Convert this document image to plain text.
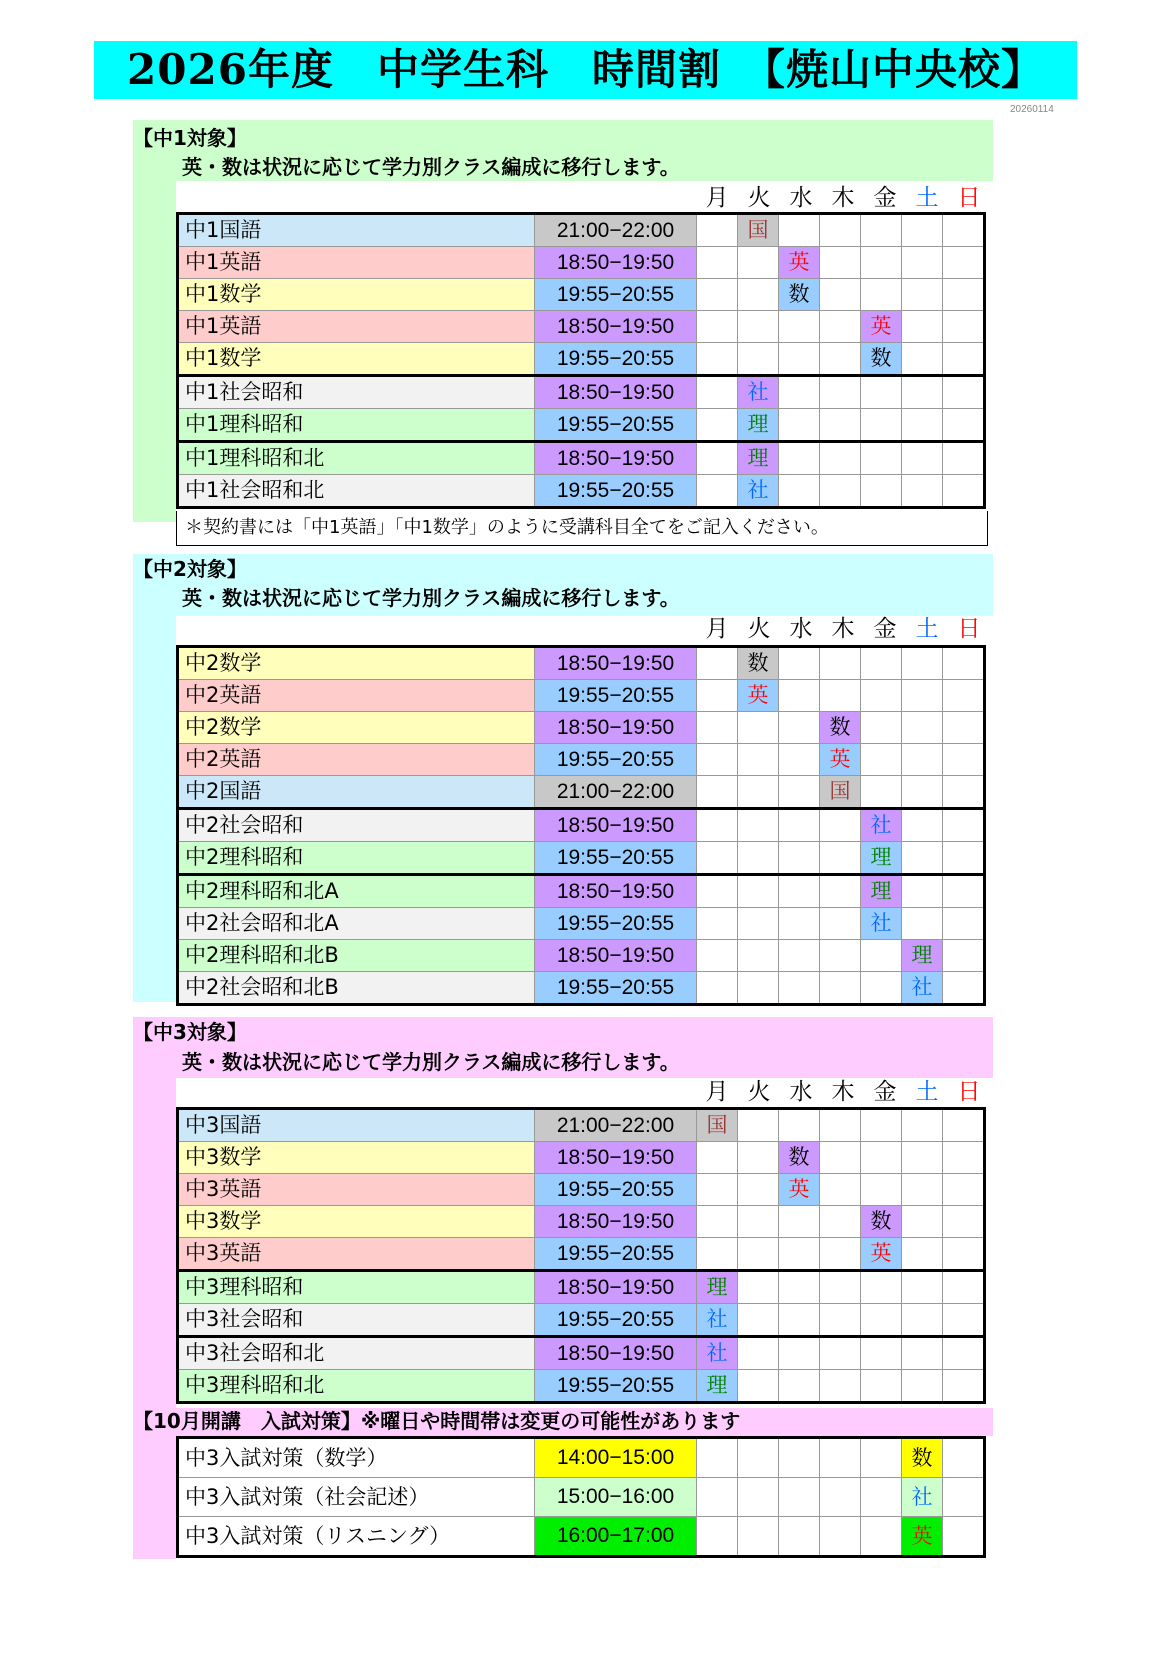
2026年度　中学生科　時間割　【焼山中央校】
20260114
【中1対象】
英・数は状況に応じて学力別クラス編成に移行します。
月 火 水 木 金 土 日
中1国語	21:00−22:00		国					
中1英語	18:50−19:50			英				
中1数学	19:55−20:55			数				
中1英語	18:50−19:50					英		
中1数学	19:55−20:55					数		
中1社会昭和	18:50−19:50		社					
中1理科昭和	19:55−20:55		理					
中1理科昭和北	18:50−19:50		理					
中1社会昭和北	19:55−20:55		社					
＊契約書には「中1英語」「中1数学」のように受講科目全てをご記入ください。
【中2対象】
英・数は状況に応じて学力別クラス編成に移行します。
月 火 水 木 金 土 日
中2数学	18:50−19:50		数					
中2英語	19:55−20:55		英					
中2数学	18:50−19:50				数			
中2英語	19:55−20:55				英			
中2国語	21:00−22:00				国			
中2社会昭和	18:50−19:50					社		
中2理科昭和	19:55−20:55					理		
中2理科昭和北A	18:50−19:50					理		
中2社会昭和北A	19:55−20:55					社		
中2理科昭和北B	18:50−19:50						理	
中2社会昭和北B	19:55−20:55						社	
【中3対象】
英・数は状況に応じて学力別クラス編成に移行します。
月 火 水 木 金 土 日
中3国語	21:00−22:00	国						
中3数学	18:50−19:50			数				
中3英語	19:55−20:55			英				
中3数学	18:50−19:50					数		
中3英語	19:55−20:55					英		
中3理科昭和	18:50−19:50	理						
中3社会昭和	19:55−20:55	社						
中3社会昭和北	18:50−19:50	社						
中3理科昭和北	19:55−20:55	理						
【10月開講　入試対策】※曜日や時間帯は変更の可能性があります
中3入試対策（数学）	14:00−15:00						数	
中3入試対策（社会記述）	15:00−16:00						社	
中3入試対策（リスニング）	16:00−17:00						英	
